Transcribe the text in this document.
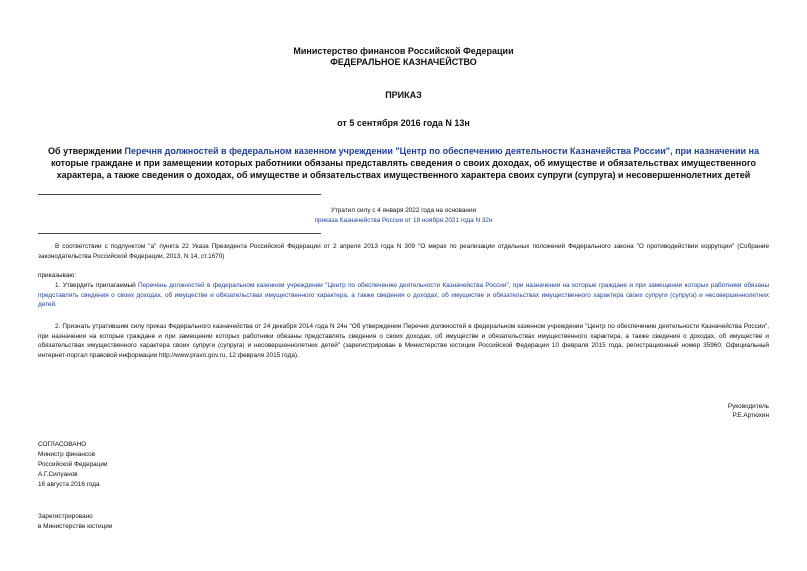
Министерство финансов Российской Федерации
ФЕДЕРАЛЬНОЕ КАЗНАЧЕЙСТВО
ПРИКАЗ
от 5 сентября 2016 года N 13н
Об утверждении Перечня должностей в федеральном казенном учреждении "Центр по обеспечению деятельности Казначейства России", при назначении на
которые граждане и при замещении которых работники обязаны представлять сведения о своих доходах, об имуществе и обязательствах имущественного
характера, а также сведения о доходах, об имуществе и обязательствах имущественного характера своих супруги (супруга) и несовершеннолетних детей
Утратил силу с 4 января 2022 года на основании
приказа Казначейства России от 18 ноября 2021 года N 32н
В соответствии с подпунктом "а" пункта 22 Указа Президента Российской Федерации от 2 апреля 2013 года N 309 "О мерах по реализации отдельных положений Федерального закона "О противодействии коррупции" (Собрание законодательства Российской Федерации, 2013, N 14, ст.1670)
приказываю:
1. Утвердить прилагаемый Перечень должностей в федеральном казенном учреждении "Центр по обеспечению деятельности Казначейства России", при назначении на которые граждане и при замещении которых работники обязаны представлять сведения о своих доходах, об имуществе и обязательствах имущественного характера, а также сведения о доходах, об имуществе и обязательствах имущественного характера своих супруги (супруга) и несовершеннолетних детей.
2. Признать утратившим силу приказ Федерального казначейства от 24 декабря 2014 года N 24н "Об утверждении Перечня должностей в федеральном казенном учреждении "Центр по обеспечению деятельности Казначейства России", при назначении на которые граждане и при замещении которых работники обязаны представлять сведения о своих доходах, об имуществе и обязательствах имущественного характера, а также сведения о доходах, об имуществе и обязательствах имущественного характера своих супруги (супруга) и несовершеннолетних детей" (зарегистрирован в Министерстве юстиции Российской Федерации 10 февраля 2015 года, регистрационный номер 35960; Официальный интернет-портал правовой информации http://www.pravo.gov.ru, 12 февраля 2015 года).
Руководитель
Р.Е.Артюхин
СОГЛАСОВАНО
Министр финансов
Российской Федерации
А.Г.Силуанов
16 августа 2016 года
Зарегистрировано
в Министерстве юстиции
